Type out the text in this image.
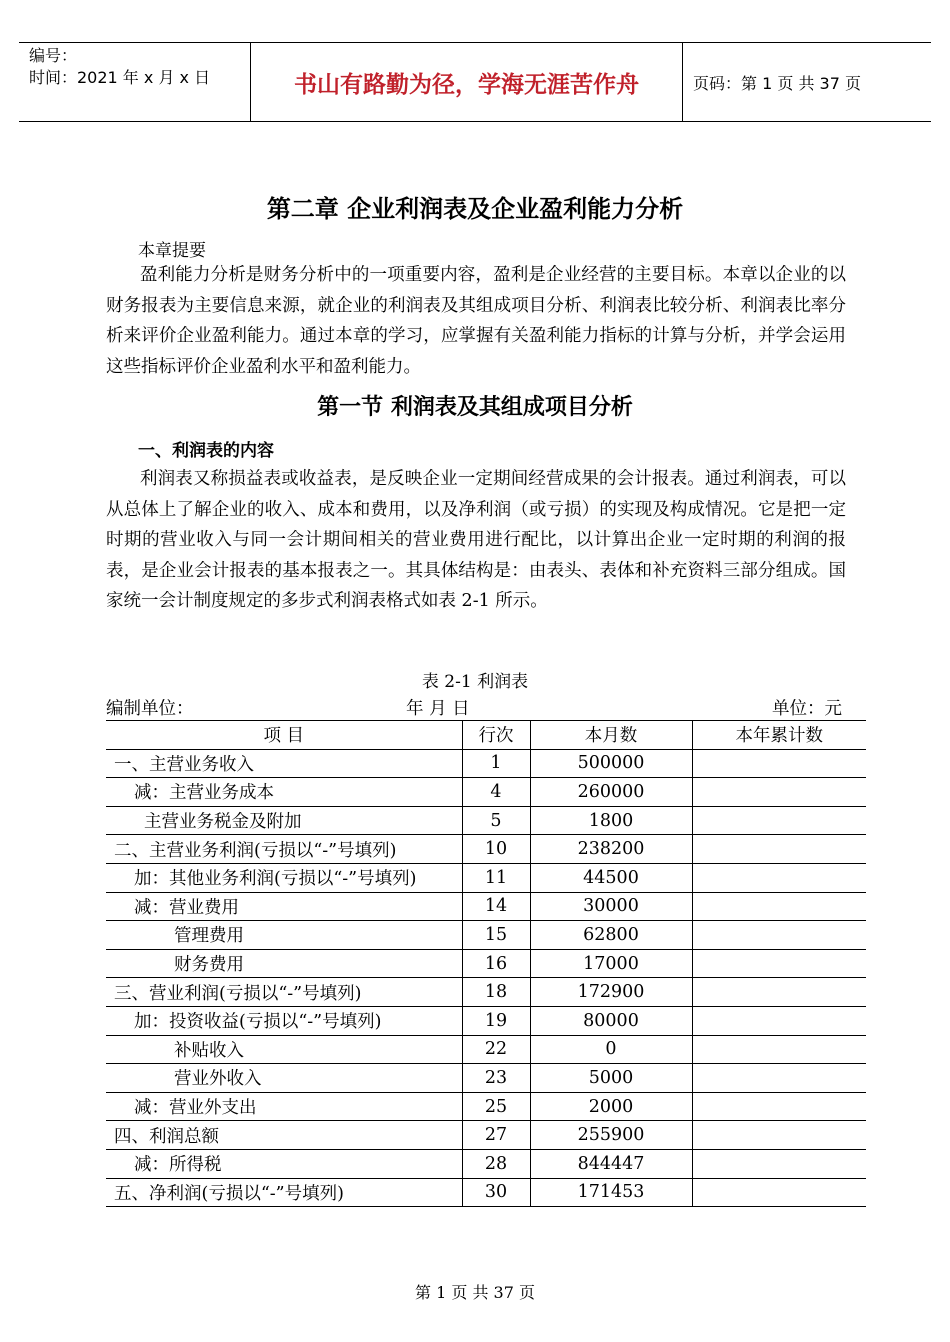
编号：
时间：2021 年 x 月 x 日	书山有路勤为径，学海无涯苦作舟	页码：第 1 页 共 37 页
第二章 企业利润表及企业盈利能力分析
本章提要

盈利能力分析是财务分析中的一项重要内容，盈利是企业经营的主要目标。本章以企业的以财务报表为主要信息来源，就企业的利润表及其组成项目分析、利润表比较分析、利润表比率分析来评价企业盈利能力。通过本章的学习，应掌握有关盈利能力指标的计算与分析，并学会运用这些指标评价企业盈利水平和盈利能力。

第一节 利润表及其组成项目分析
一、利润表的内容

利润表又称损益表或收益表，是反映企业一定期间经营成果的会计报表。通过利润表，可以从总体上了解企业的收入、成本和费用，以及净利润（或亏损）的实现及构成情况。它是把一定时期的营业收入与同一会计期间相关的营业费用进行配比，以计算出企业一定时期的利润的报表，是企业会计报表的基本报表之一。其具体结构是：由表头、表体和补充资料三部分组成。国家统一会计制度规定的多步式利润表格式如表 2-1 所示。

表 2-1 利润表
编制单位：	年 月 日	单位：元
项 目	行次	本月数	本年累计数
一、主营业务收入	1	500000	
减：主营业务成本	4	260000	
主营业务税金及附加	5	1800	
二、主营业务利润(亏损以“-”号填列)	10	238200	
加：其他业务利润(亏损以“-”号填列)	11	44500	
减：营业费用	14	30000	
管理费用	15	62800	
财务费用	16	17000	
三、营业利润(亏损以“-”号填列)	18	172900	
加：投资收益(亏损以“-”号填列)	19	80000	
补贴收入	22	0	
营业外收入	23	5000	
减：营业外支出	25	2000	
四、利润总额	27	255900	
减：所得税	28	844447	
五、净利润(亏损以“-”号填列)	30	171453	
第 1 页 共 37 页
